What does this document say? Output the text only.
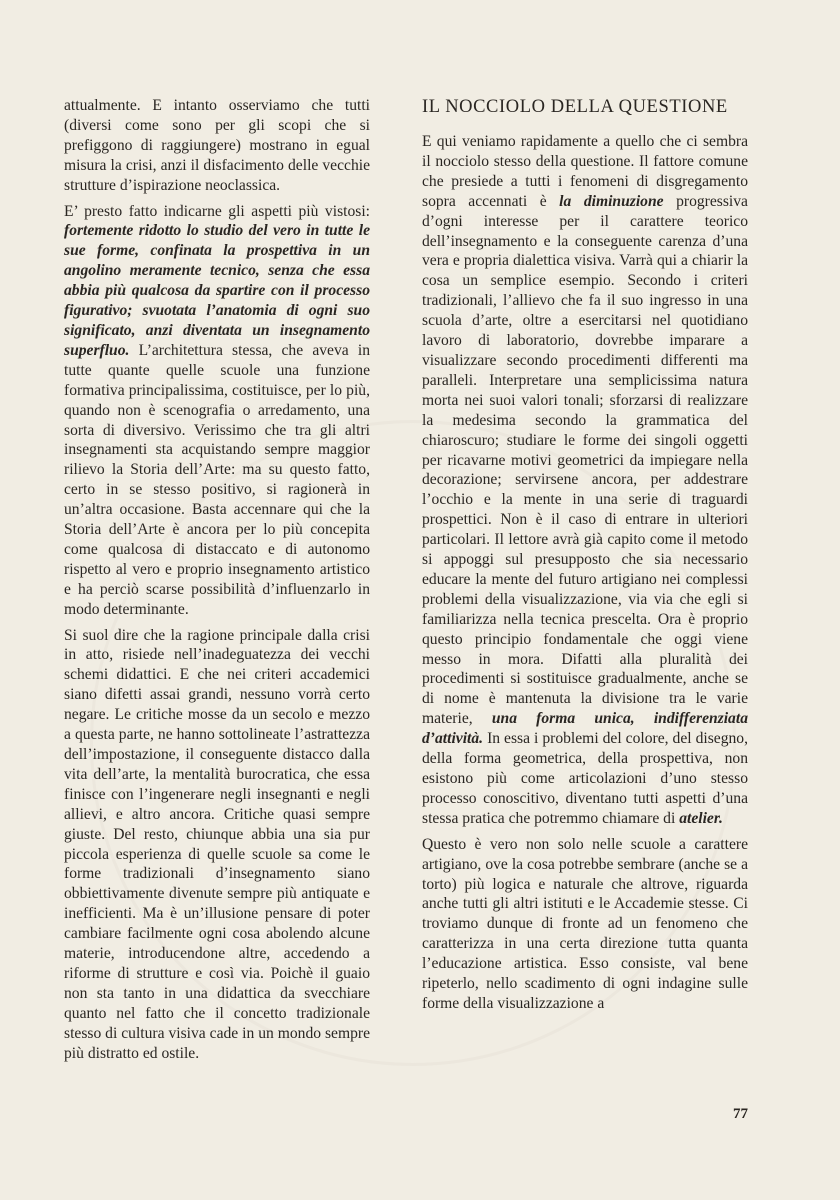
attualmente. E intanto osserviamo che tutti (diversi come sono per gli scopi che si prefiggono di raggiungere) mostrano in egual misura la crisi, anzi il disfacimento delle vecchie strutture d’ispirazione neoclassica.

E’ presto fatto indicarne gli aspetti più vistosi: fortemente ridotto lo studio del vero in tutte le sue forme, confinata la prospettiva in un angolino meramente tecnico, senza che essa abbia più qualcosa da spartire con il processo figurativo; svuotata l’anatomia di ogni suo significato, anzi diventata un insegnamento superfluo. L’architettura stessa, che aveva in tutte quante quelle scuole una funzione formativa principalissima, costituisce, per lo più, quando non è scenografia o arredamento, una sorta di diversivo. Verissimo che tra gli altri insegnamenti sta acquistando sempre maggior rilievo la Storia dell’Arte: ma su questo fatto, certo in se stesso positivo, si ragionerà in un’altra occasione. Basta accennare qui che la Storia dell’Arte è ancora per lo più concepita come qualcosa di distaccato e di autonomo rispetto al vero e proprio insegnamento artistico e ha perciò scarse possibilità d’influenzarlo in modo determinante.

Si suol dire che la ragione principale dalla crisi in atto, risiede nell’inadeguatezza dei vecchi schemi didattici. E che nei criteri accademici siano difetti assai grandi, nessuno vorrà certo negare. Le critiche mosse da un secolo e mezzo a questa parte, ne hanno sottolineate l’astrattezza dell’impostazione, il conseguente distacco dalla vita dell’arte, la mentalità burocratica, che essa finisce con l’ingenerare negli insegnanti e negli allievi, e altro ancora. Critiche quasi sempre giuste. Del resto, chiunque abbia una sia pur piccola esperienza di quelle scuole sa come le forme tradizionali d’insegnamento siano obbiettivamente divenute sempre più antiquate e inefficienti. Ma è un’illusione pensare di poter cambiare facilmente ogni cosa abolendo alcune materie, introducendone altre, accedendo a riforme di strutture e così via. Poichè il guaio non sta tanto in una didattica da svecchiare quanto nel fatto che il concetto tradizionale stesso di cultura visiva cade in un mondo sempre più distratto ed ostile.

IL NOCCIOLO DELLA QUESTIONE

E qui veniamo rapidamente a quello che ci sembra il nocciolo stesso della questione. Il fattore comune che presiede a tutti i fenomeni di disgregamento sopra accennati è la diminuzione progressiva d’ogni interesse per il carattere teorico dell’insegnamento e la conseguente carenza d’una vera e propria dialettica visiva. Varrà qui a chiarir la cosa un semplice esempio. Secondo i criteri tradizionali, l’allievo che fa il suo ingresso in una scuola d’arte, oltre a esercitarsi nel quotidiano lavoro di laboratorio, dovrebbe imparare a visualizzare secondo procedimenti differenti ma paralleli. Interpretare una semplicissima natura morta nei suoi valori tonali; sforzarsi di realizzare la medesima secondo la grammatica del chiaroscuro; studiare le forme dei singoli oggetti per ricavarne motivi geometrici da impiegare nella decorazione; servirsene ancora, per addestrare l’occhio e la mente in una serie di traguardi prospettici. Non è il caso di entrare in ulteriori particolari. Il lettore avrà già capito come il metodo si appoggi sul presupposto che sia necessario educare la mente del futuro artigiano nei complessi problemi della visualizzazione, via via che egli si familiarizza nella tecnica prescelta. Ora è proprio questo principio fondamentale che oggi viene messo in mora. Difatti alla pluralità dei procedimenti si sostituisce gradualmente, anche se di nome è mantenuta la divisione tra le varie materie, una forma unica, indifferenziata d’attività. In essa i problemi del colore, del disegno, della forma geometrica, della prospettiva, non esistono più come articolazioni d’uno stesso processo conoscitivo, diventano tutti aspetti d’una stessa pratica che potremmo chiamare di atelier.

Questo è vero non solo nelle scuole a carattere artigiano, ove la cosa potrebbe sembrare (anche se a torto) più logica e naturale che altrove, riguarda anche tutti gli altri istituti e le Accademie stesse. Ci troviamo dunque di fronte ad un fenomeno che caratterizza in una certa direzione tutta quanta l’educazione artistica. Esso consiste, val bene ripeterlo, nello scadimento di ogni indagine sulle forme della visualizzazione a

77
